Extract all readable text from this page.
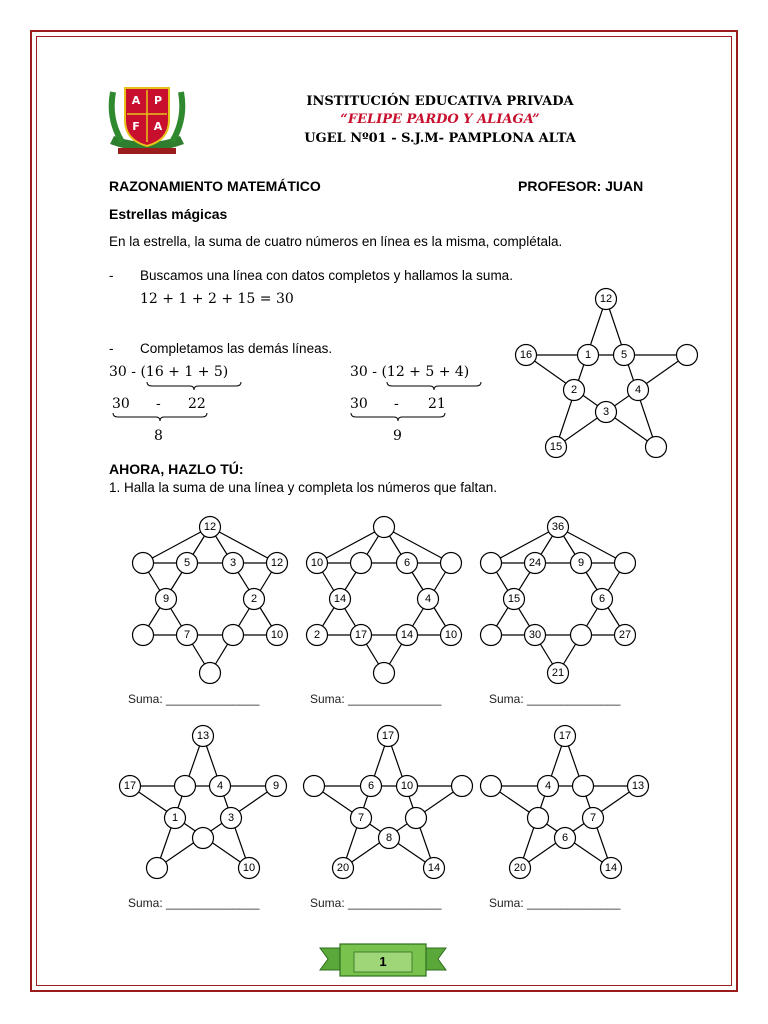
A P
F A
INSTITUCIÓN EDUCATIVA PRIVADA
“FELIPE PARDO Y ALIAGA”
UGEL Nº01 - S.J.M- PAMPLONA ALTA
RAZONAMIENTO MATEMÁTICO	PROFESOR: JUAN
Estrellas mágicas
En la estrella, la suma de cuatro números en línea es la misma, complétala.
- Buscamos una línea con datos completos y hallamos la suma.
12 + 1 + 2 + 15 = 30
- Completamos las demás líneas.
30 - (16 + 1 + 5)
30 - 22
8
30 - (12 + 5 + 4)
30 - 21
9
12
16	1	5
2	4
3
15
AHORA, HAZLO TÚ:
1. Halla la suma de una línea y completa los números que faltan.
12
5	3	12
9	2
7	10
10	6
14	4
2	17	14	10
36
24	9
15	6
30	27
21
Suma: ______________	Suma: ______________	Suma: ______________
13
17	4	9
1	3
10
17
6 10
7
8
20	14
17
4	13
7
6
20	14
Suma: ______________	Suma: ______________	Suma: ______________
1
